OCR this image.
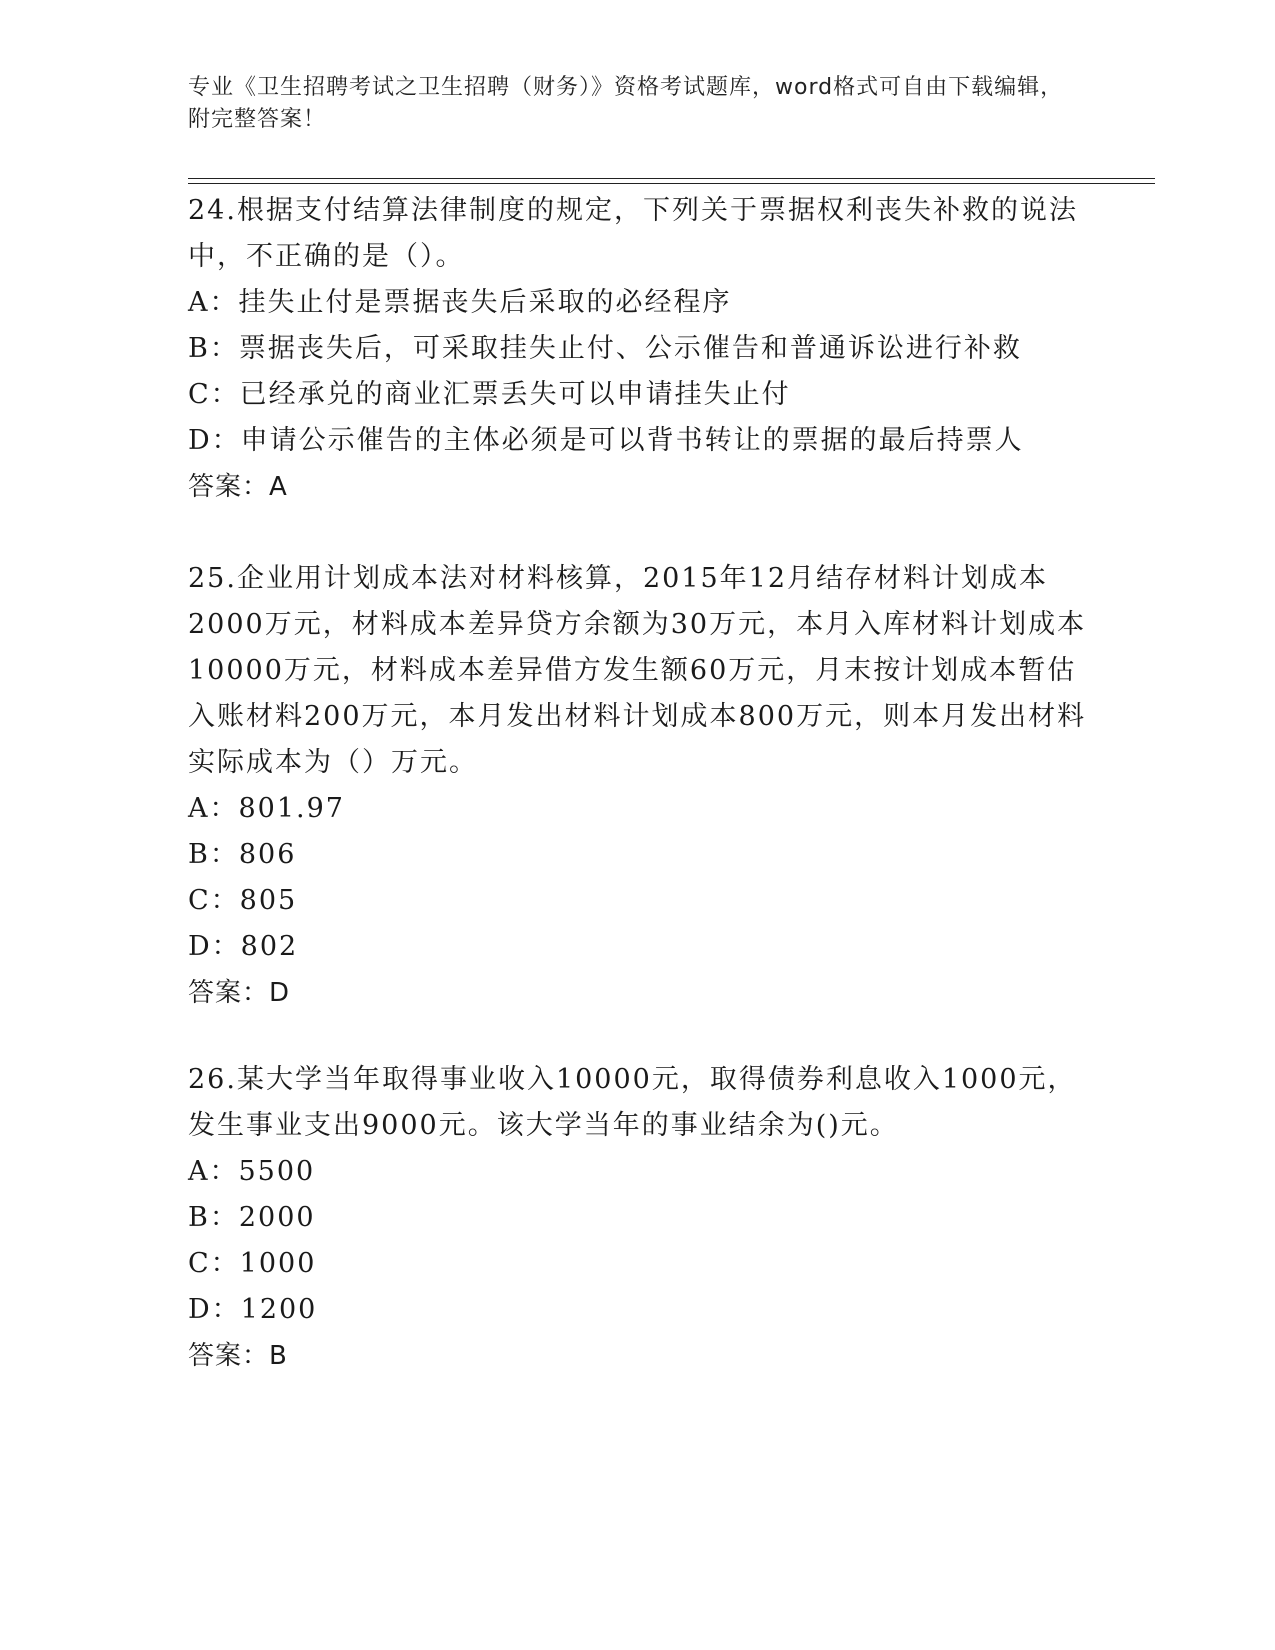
专业《卫生招聘考试之卫生招聘（财务）》资格考试题库，word格式可自由下载编辑，附完整答案！

24.根据支付结算法律制度的规定，下列关于票据权利丧失补救的说法中，不正确的是（）。

A：挂失止付是票据丧失后采取的必经程序

B：票据丧失后，可采取挂失止付、公示催告和普通诉讼进行补救

C：已经承兑的商业汇票丢失可以申请挂失止付

D：申请公示催告的主体必须是可以背书转让的票据的最后持票人

答案：A

25.企业用计划成本法对材料核算，2015年12月结存材料计划成本2000万元，材料成本差异贷方余额为30万元，本月入库材料计划成本10000万元，材料成本差异借方发生额60万元，月末按计划成本暂估入账材料200万元，本月发出材料计划成本800万元，则本月发出材料实际成本为（）万元。

A：801.97

B：806

C：805

D：802

答案：D

26.某大学当年取得事业收入10000元，取得债券利息收入1000元，发生事业支出9000元。该大学当年的事业结余为()元。

A：5500

B：2000

C：1000

D：1200

答案：B
